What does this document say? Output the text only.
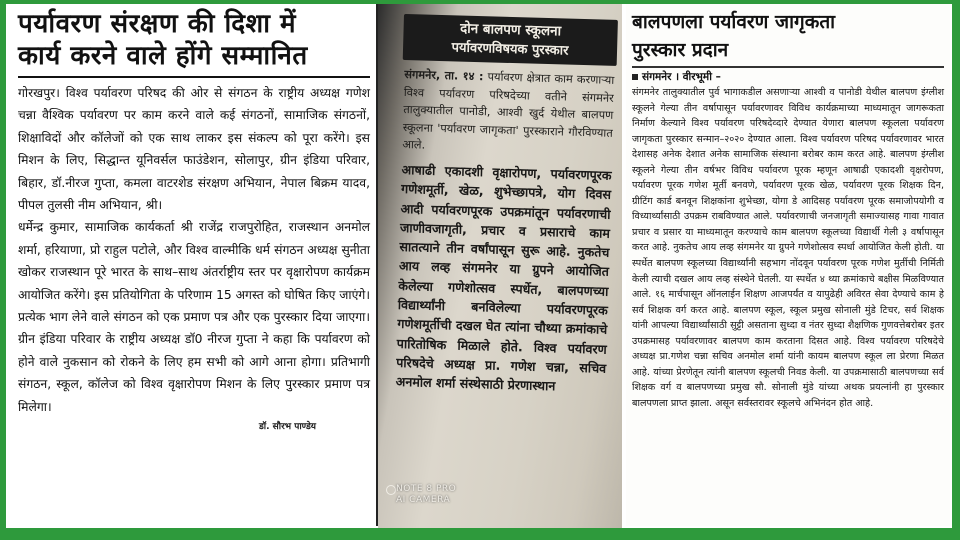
पर्यावरण संरक्षण की दिशा में
कार्य करने वाले होंगे सम्मानित

गोरखपुर। विश्व पर्यावरण परिषद की ओर से संगठन के राष्ट्रीय अध्यक्ष गणेश चन्ना वैश्विक पर्यावरण पर काम करने वाले कई संगठनों, सामाजिक संगठनों, शिक्षाविदों और कॉलेजों को एक साथ लाकर इस संकल्प को पूरा करेंगे। इस मिशन के लिए, सिद्धान्त यूनिवर्सल फाउंडेशन, सोलापुर, ग्रीन इंडिया परिवार, बिहार, डॉ.नीरज गुप्ता, कमला वाटरशेड संरक्षण अभियान, नेपाल बिक्रम यादव, पीपल तुलसी नीम अभियान, श्री।

धर्मेन्द्र कुमार, सामाजिक कार्यकर्ता श्री राजेंद्र राजपुरोहित, राजस्थान अनमोल शर्मा, हरियाणा, प्रो राहुल पटोले, और विश्व वाल्मीकि धर्म संगठन अध्यक्ष सुनीता खोकर राजस्थान पूरे भारत के साथ–साथ अंतर्राष्ट्रीय स्तर पर वृक्षारोपण कार्यक्रम आयोजित करेंगे। इस प्रतियोगिता के परिणाम 15 अगस्त को घोषित किए जाएंगे। प्रत्येक भाग लेने वाले संगठन को एक प्रमाण पत्र और एक पुरस्कार दिया जाएगा। ग्रीन इंडिया परिवार के राष्ट्रीय अध्यक्ष डॉ0 नीरज गुप्ता ने कहा कि पर्यावरण को होने वाले नुकसान को रोकने के लिए हम सभी को आगे आना होगा। प्रतिभागी संगठन, स्कूल, कॉलेज को विश्व वृक्षारोपण मिशन के लिए पुरस्कार प्रमाण पत्र मिलेगा।

डॉ. सौरभ पाण्डेय
दोन बालपण स्कूलना
पर्यावरणविषयक पुरस्कार

संगमनेर, ता. १४ : पर्यावरण क्षेत्रात काम करणाऱ्या विश्व पर्यावरण परिषदेच्या वतीने संगमनेर तालुक्यातील पानोडी, आश्वी खुर्द येथील बालपण स्कूलना 'पर्यावरण जागृकता' पुरस्काराने गौरविण्यात आले.

आषाढी एकादशी वृक्षारोपण, पर्यावरणपूरक गणेशमूर्ती, खेळ, शुभेच्छापत्रे, योग दिवस आदी पर्यावरणपूरक उपक्रमांतून पर्यावरणाची जाणीवजागृती, प्रचार व प्रसाराचे काम सातत्याने तीन वर्षांपासून सुरू आहे. नुकतेच आय लव्ह संगमनेर या ग्रुपने आयोजित केलेल्या गणेशोत्सव स्पर्धेत, बालपणच्या विद्यार्थ्यांनी बनविलेल्या पर्यावरणपूरक गणेशमूर्तीची दखल घेत त्यांना चौथ्या क्रमांकाचे पारितोषिक मिळाले होते. विश्व पर्यावरण परिषदेचे अध्यक्ष प्रा. गणेश चन्ना, सचिव अनमोल शर्मा संस्थेसाठी प्रेरणास्थान

NOTE 8 PRO
AI CAMERA
बालपणला पर्यावरण जागृकता
पुरस्कार प्रदान
संगमनेर । वीरभूमी –

संगमनेर तालुक्यातील पुर्व भागाकडील असणाऱ्या आश्वी व पानोडी येथील बालपण इंग्लीश स्कूलने गेल्या तीन वर्षापासून पर्यावरणावर विविध कार्यक्रमाच्या माध्यमातून जागरूकता निर्माण केल्याने विश्व पर्यावरण परिषदेव्दारे देण्यात येणारा बालपण स्कूलला पर्यावरण जागृकता पुरस्कार सन्मान–२०२० देण्यात आला. विश्व पर्यावरण परिषद पर्यावरणावर भारत देशासह अनेक देशात अनेक सामाजिक संस्थाना बरोबर काम करत आहे. बालपण इंग्लीश स्कूलने गेल्या तीन वर्षभर विविध पर्यावरण पूरक म्हणून आषाढी एकादशी वृक्षरोपण, पर्यावरण पूरक गणेश मूर्ती बनवणे, पर्यावरण पूरक खेळ, पर्यावरण पूरक शिक्षक दिन, ग्रीटिंग कार्ड बनवून शिक्षकांना शुभेच्छा, योगा डे आदिसह पर्यावरण पूरक समाजोपयोगी व विध्यार्थ्यांसाठी उपक्रम राबविण्यात आले. पर्यावरणाची जनजागृती समाज्यासह गावा गावात प्रचार व प्रसार या माध्यमातून करण्याचे काम बालपण स्कूलच्या विद्यार्थी गेली ३ वर्षापासून करत आहे. नुकतेच आय लव्ह संगमनेर या ग्रुपने गणेशोत्सव स्पर्धा आयोजित केली होती. या स्पर्धेत बालपण स्कूलच्या विद्यार्थ्यांनी सहभाग नोंदवून पर्यावरण पूरक गणेश मुर्तीची निर्मिती केली त्याची दखल आय लव्ह संस्थेने घेतली. या स्पर्धेत ४ थ्या क्रमांकाचे बक्षीस मिळविण्यात आले. १६ मार्चपासून ऑनलाईन शिक्षण आजपर्यंत व यापुढेही अविरत सेवा देण्याचे काम हे सर्व शिक्षक वर्ग करत आहे. बालपण स्कूल, स्कूल प्रमुख सोनाली मुंडे टिचर, सर्व शिक्षक यांनी आपल्या विद्यार्थ्यांसाठी सुट्टी असताना सुध्दा व नंतर सुध्दा शैक्षणिक गुणवत्तेबरोबर इतर उपक्रमासह पर्यावरणावर बालपण काम करताना दिसत आहे. विश्व पर्यावरण परिषदेचे अध्यक्ष प्रा.गणेश चन्ना सचिव अनमोल शर्मा यांनी कायम बालपण स्कूल ला प्रेरणा मिळत आहे. यांच्या प्रेरणेतून त्यांनी बालपण स्कूलची निवड केली. या उपक्रमासाठी बालपणच्या सर्व शिक्षक वर्ग व बालपणच्या प्रमुख सौ. सोनाली मुंडे यांच्या अथक प्रयत्नांनी हा पुरस्कार बालपणला प्राप्त झाला. असून सर्वस्तरावर स्कूलचे अभिनंदन होत आहे.
